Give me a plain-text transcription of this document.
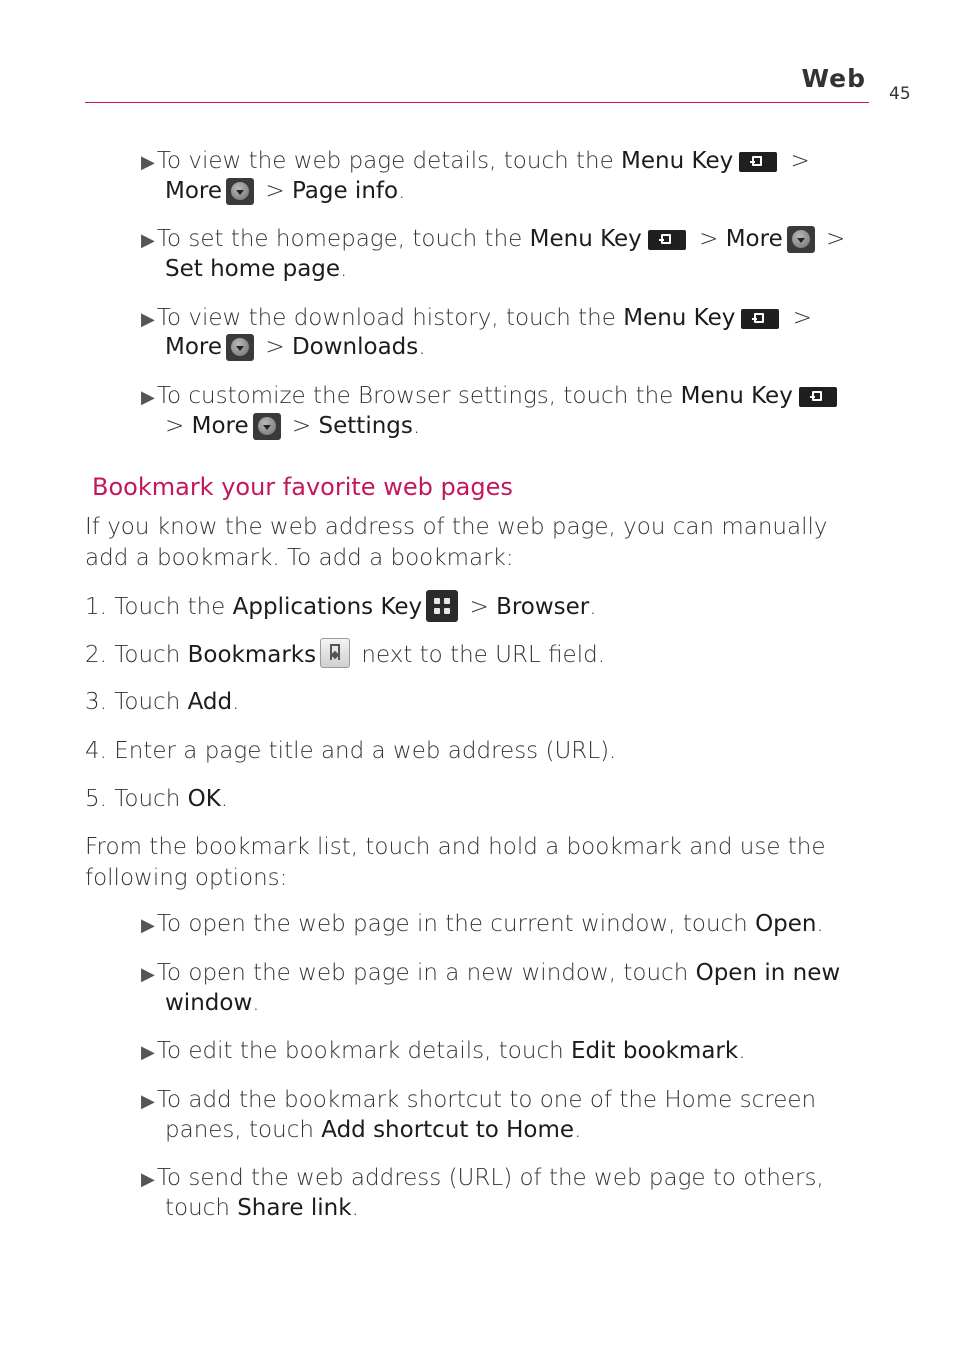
Web
45
▶To view the web page details, touch the Menu Key >
More > Page info.
▶To set the homepage, touch the Menu Key > More >
Set home page.
▶To view the download history, touch the Menu Key >
More > Downloads.
▶To customize the Browser settings, touch the Menu Key
> More > Settings.
Bookmark your favorite web pages
If you know the web address of the web page, you can manually
add a bookmark. To add a bookmark:
1. Touch the Applications Key
> Browser.
2. Touch Bookmarks next to the URL field.
3. Touch Add.
4. Enter a page title and a web address (URL).
5. Touch OK.
From the bookmark list, touch and hold a bookmark and use the
following options:
▶To open the web page in the current window, touch Open.
▶To open the web page in a new window, touch Open in new
window.
▶To edit the bookmark details, touch Edit bookmark.
▶To add the bookmark shortcut to one of the Home screen
panes, touch Add shortcut to Home.
▶To send the web address (URL) of the web page to others,
touch Share link.
